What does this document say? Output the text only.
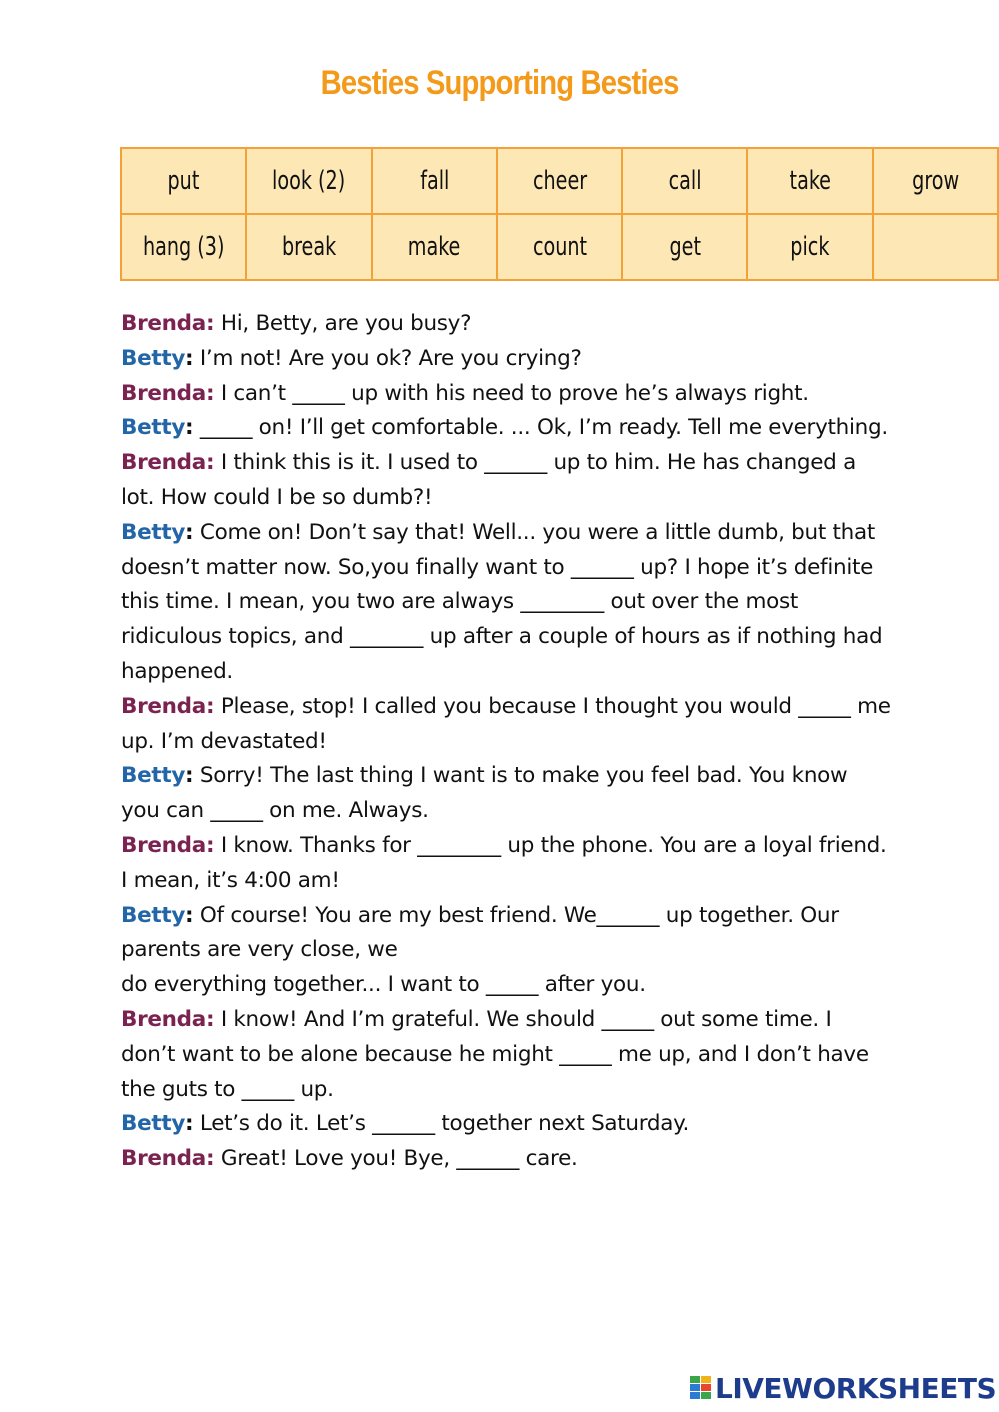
Besties Supporting Besties
put	look (2)	fall	cheer	call	take	grow
hang (3)	break	make	count	get	pick	

Brenda: Hi, Betty, are you busy?

Betty: I’m not! Are you ok? Are you crying?

Brenda: I can’t _____ up with his need to prove he’s always right.

Betty: _____ on! I’ll get comfortable. ... Ok, I’m ready. Tell me everything.

Brenda: I think this is it. I used to ______ up to him. He has changed a lot. How could I be so dumb?!

Betty: Come on! Don’t say that! Well... you were a little dumb, but that doesn’t matter now. So,you finally want to ______ up? I hope it’s definite this time. I mean, you two are always ________ out over the most ridiculous topics, and _______ up after a couple of hours as if nothing had happened.

Brenda: Please, stop! I called you because I thought you would _____ me up. I’m devastated!

Betty: Sorry! The last thing I want is to make you feel bad. You know you can _____ on me. Always.

Brenda: I know. Thanks for ________ up the phone. You are a loyal friend. I mean, it’s 4:00 am!

Betty: Of course! You are my best friend. We______ up together. Our parents are very close, we
do everything together... I want to _____ after you.

Brenda: I know! And I’m grateful. We should _____ out some time. I don’t want to be alone because he might _____ me up, and I don’t have the guts to _____ up.

Betty: Let’s do it. Let’s ______ together next Saturday.

Brenda: Great! Love you! Bye, ______ care.

LIVEWORKSHEETS
